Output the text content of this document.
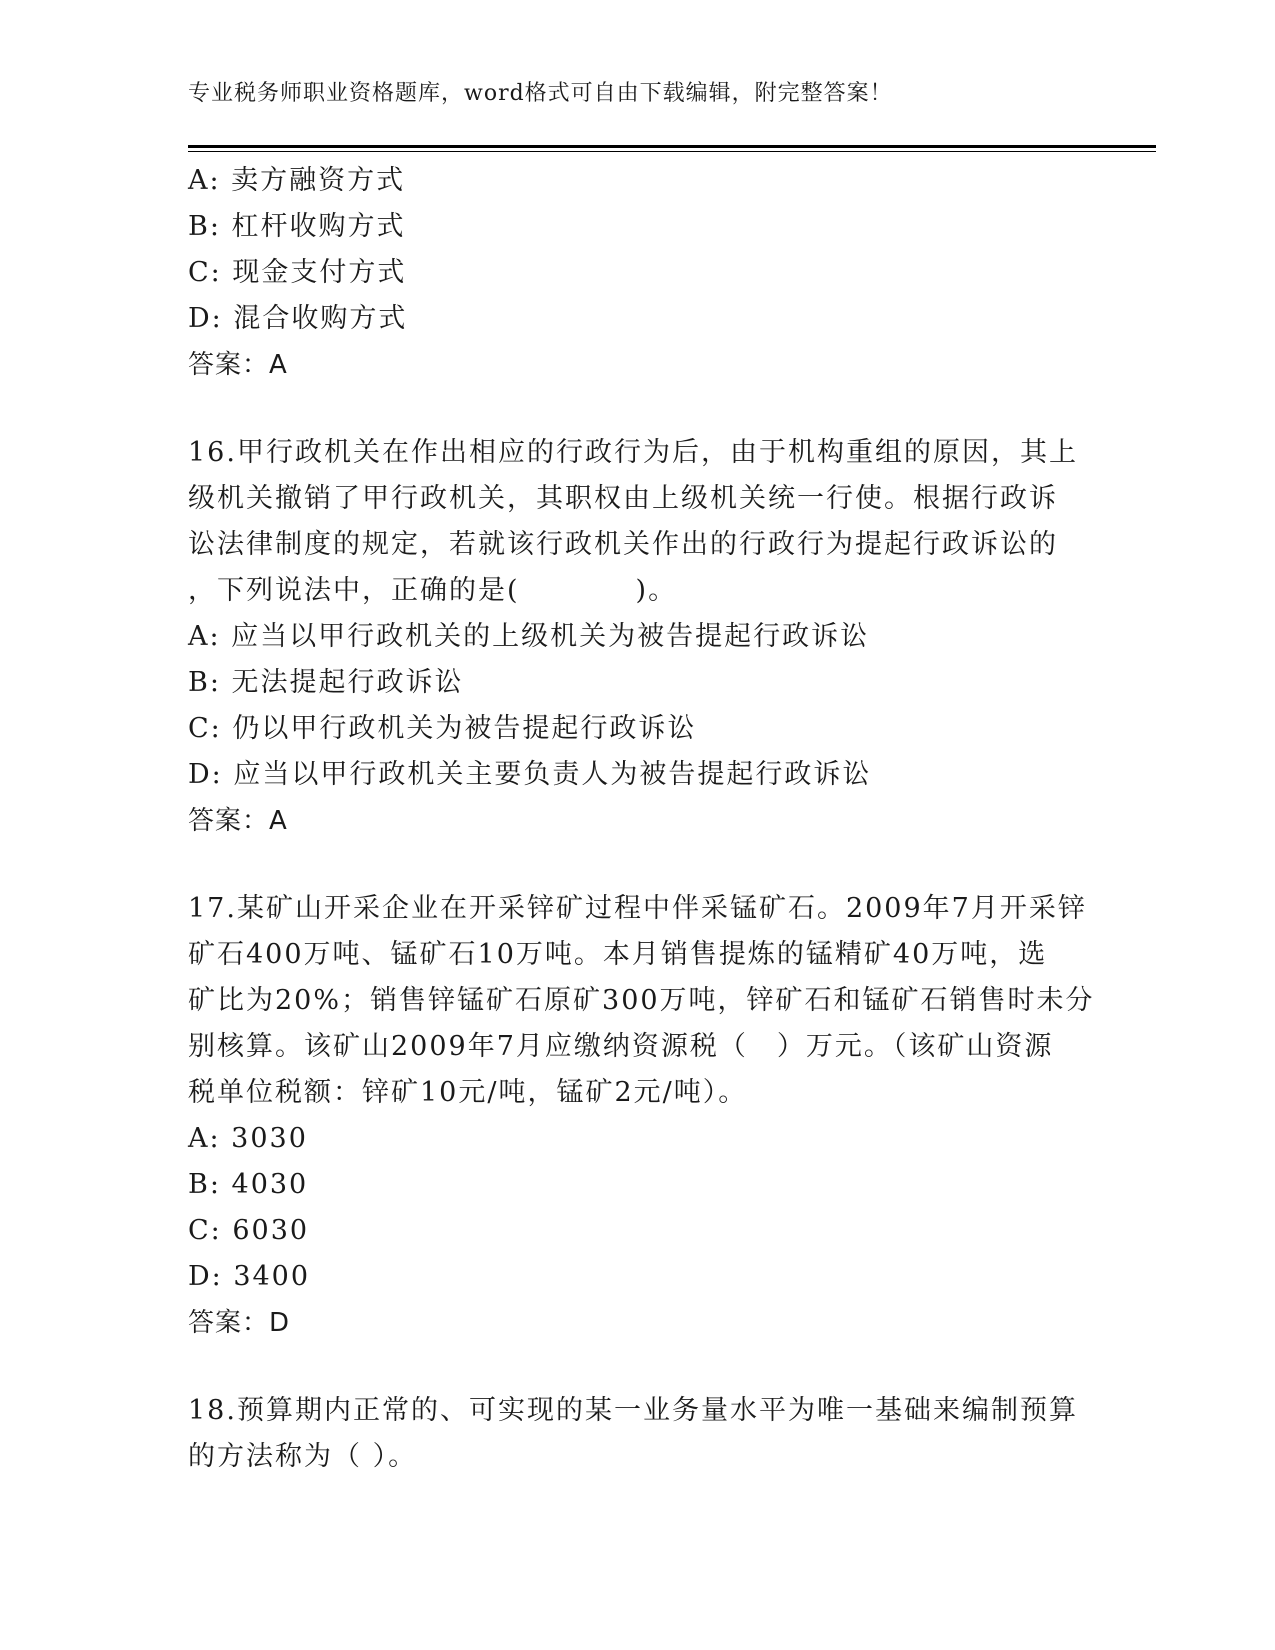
专业税务师职业资格题库，word格式可自由下载编辑，附完整答案！
A: 卖方融资方式
B: 杠杆收购方式
C: 现金支付方式
D: 混合收购方式
答案：A
16.甲行政机关在作出相应的行政行为后，由于机构重组的原因，其上
级机关撤销了甲行政机关，其职权由上级机关统一行使。根据行政诉
讼法律制度的规定，若就该行政机关作出的行政行为提起行政诉讼的
，下列说法中，正确的是(　　　　)。
A: 应当以甲行政机关的上级机关为被告提起行政诉讼
B: 无法提起行政诉讼
C: 仍以甲行政机关为被告提起行政诉讼
D: 应当以甲行政机关主要负责人为被告提起行政诉讼
答案：A
17.某矿山开采企业在开采锌矿过程中伴采锰矿石。2009年7月开采锌
矿石400万吨、锰矿石10万吨。本月销售提炼的锰精矿40万吨，选
矿比为20%；销售锌锰矿石原矿300万吨，锌矿石和锰矿石销售时未分
别核算。该矿山2009年7月应缴纳资源税（　）万元。（该矿山资源
税单位税额：锌矿10元/吨，锰矿2元/吨）。
A: 3030
B: 4030
C: 6030
D: 3400
答案：D
18.预算期内正常的、可实现的某一业务量水平为唯一基础来编制预算
的方法称为（ ）。
